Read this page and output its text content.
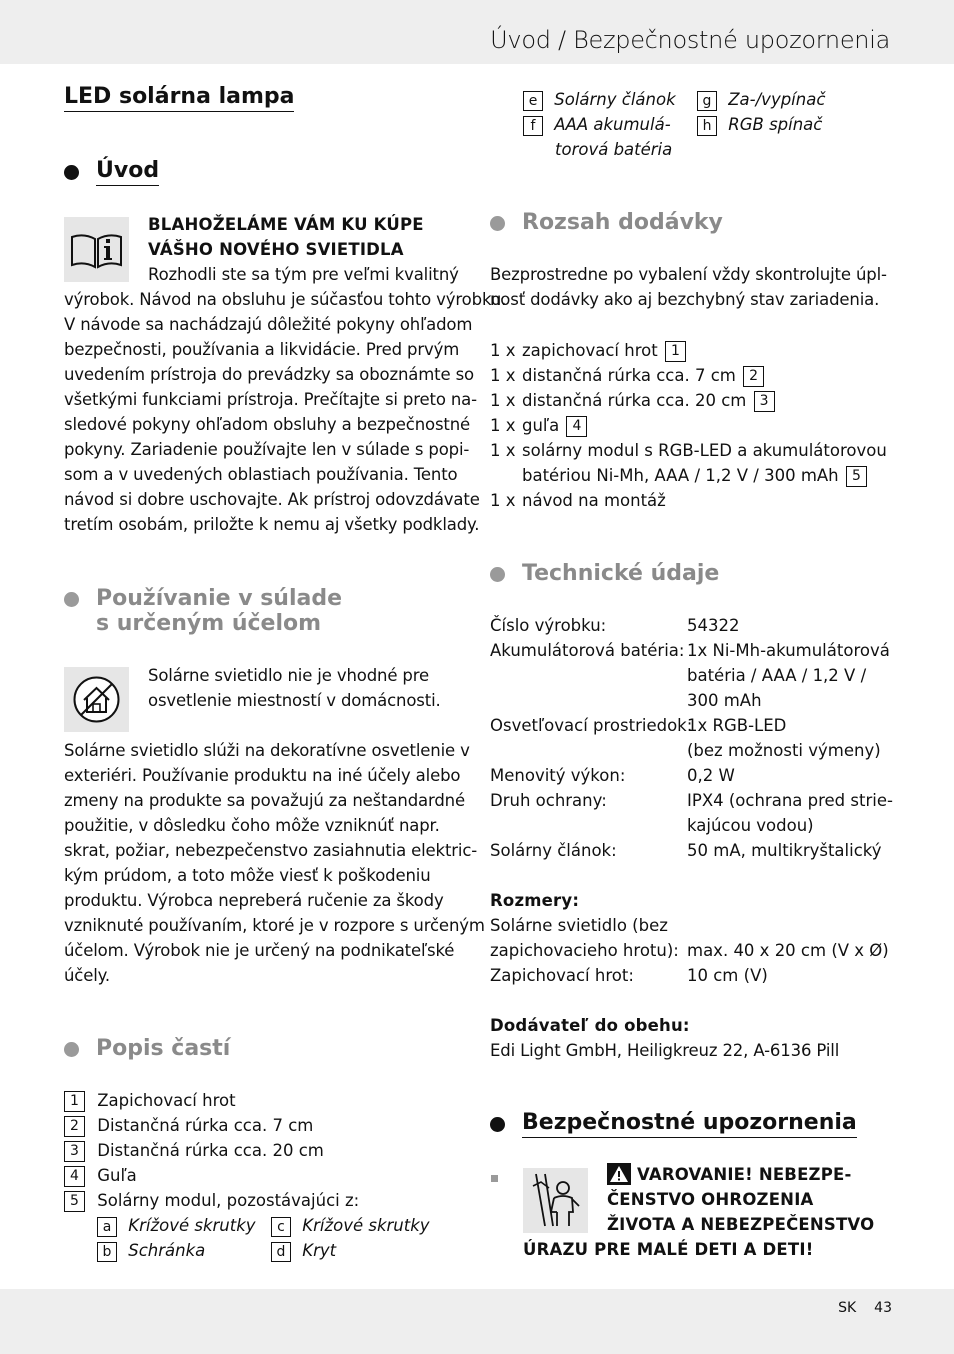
Úvod / Bezpečnostné upozornenia
SK 43
LED solárna lampa
Úvod
BLAHOŽELÁME VÁM KU KÚPE
VÁŠHO NOVÉHO SVIETIDLA
Rozhodli ste sa tým pre veľmi kvalitný
výrobok. Návod na obsluhu je súčasťou tohto výrobku.
V návode sa nachádzajú dôležité pokyny ohľadom
bezpečnosti, používania a likvidácie. Pred prvým
uvedením prístroja do prevádzky sa oboznámte so
všetkými funkciami prístroja. Prečítajte si preto na-
sledové pokyny ohľadom obsluhy a bezpečnostné
pokyny. Zariadenie používajte len v súlade s popi-
som a v uvedených oblastiach používania. Tento
návod si dobre uschovajte. Ak prístroj odovzdávate
tretím osobám, priložte k nemu aj všetky podklady.
Používanie v súlade
s určeným účelom
Solárne svietidlo nie je vhodné pre
osvetlenie miestností v domácnosti.
Solárne svietidlo slúži na dekoratívne osvetlenie v
exteriéri. Používanie produktu na iné účely alebo
zmeny na produkte sa považujú za neštandardné
použitie, v dôsledku čoho môže vzniknúť napr.
skrat, požiar, nebezpečenstvo zasiahnutia elektric-
kým prúdom, a toto môže viesť k poškodeniu
produktu. Výrobca nepreberá ručenie za škody
vzniknuté používaním, ktoré je v rozpore s určeným
účelom. Výrobok nie je určený na podnikateľské
účely.
Popis častí
1 Zapichovací hrot
2 Distančná rúrka cca. 7 cm
3 Distančná rúrka cca. 20 cm
4 Guľa
5 Solárny modul, pozostávajúci z:
a Krížové skrutky	c Krížové skrutky
b Schránka	d Kryt
e Solárny článok	g Za-/vypínač
f AAA akumulá-	h RGB spínač
torová batéria
Rozsah dodávky
Bezprostredne po vybalení vždy skontrolujte úpl-
nosť dodávky ako aj bezchybný stav zariadenia.
1 x zapichovací hrot 1
1 x distančná rúrka cca. 7 cm 2
1 x distančná rúrka cca. 20 cm 3
1 x guľa 4
1 x solárny modul s RGB-LED a akumulátorovou
batériou Ni-Mh, AAA / 1,2 V / 300 mAh 5
1 x návod na montáž
Technické údaje
Číslo výrobku:	54322
Akumulátorová batéria: 1x Ni-Mh-akumulátorová
batéria / AAA / 1,2 V /
300 mAh
Osvetľovací prostriedok:
1x RGB-LED
(bez možnosti výmeny)
Menovitý výkon:	0,2 W
Druh ochrany:	IPX4 (ochrana pred strie-
kajúcou vodou)
Solárny článok:	50 mA, multikryštalický
Rozmery:
Solárne svietidlo (bez
zapichovacieho hrotu): max. 40 x 20 cm (V x Ø)
Zapichovací hrot:	10 cm (V)
Dodávateľ do obehu:
Edi Light GmbH, Heiligkreuz 22, A-6136 Pill
Bezpečnostné upozornenia
VAROVANIE! NEBEZPE-
ČENSTVO OHROZENIA
ŽIVOTA A NEBEZPEČENSTVO
ÚRAZU PRE MALÉ DETI A DETI!
